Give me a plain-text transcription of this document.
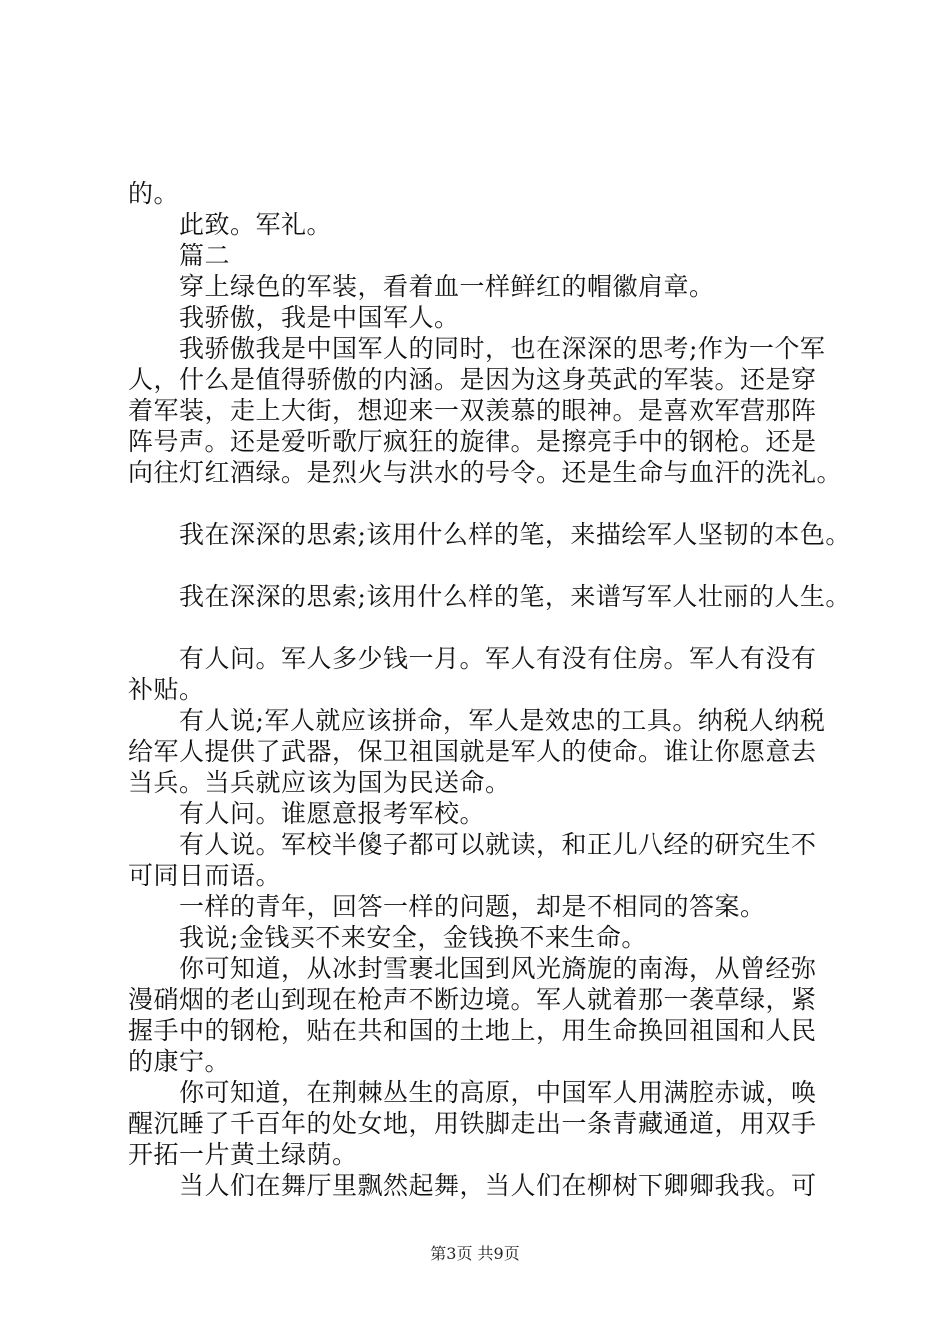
的。
此致。军礼。
篇二
穿上绿色的军装，看着血一样鲜红的帽徽肩章。
我骄傲，我是中国军人。
我骄傲我是中国军人的同时，也在深深的思考;作为一个军
人，什么是值得骄傲的内涵。是因为这身英武的军装。还是穿
着军装，走上大街，想迎来一双羡慕的眼神。是喜欢军营那阵
阵号声。还是爱听歌厅疯狂的旋律。是擦亮手中的钢枪。还是
向往灯红酒绿。是烈火与洪水的号令。还是生命与血汗的洗礼。
我在深深的思索;该用什么样的笔，来描绘军人坚韧的本色。
我在深深的思索;该用什么样的笔，来谱写军人壮丽的人生。
有人问。军人多少钱一月。军人有没有住房。军人有没有
补贴。
有人说;军人就应该拼命，军人是效忠的工具。纳税人纳税
给军人提供了武器，保卫祖国就是军人的使命。谁让你愿意去
当兵。当兵就应该为国为民送命。
有人问。谁愿意报考军校。
有人说。军校半傻子都可以就读，和正儿八经的研究生不
可同日而语。
一样的青年，回答一样的问题，却是不相同的答案。
我说;金钱买不来安全，金钱换不来生命。
你可知道，从冰封雪裹北国到风光旖旎的南海，从曾经弥
漫硝烟的老山到现在枪声不断边境。军人就着那一袭草绿，紧
握手中的钢枪，贴在共和国的土地上，用生命换回祖国和人民
的康宁。
你可知道，在荆棘丛生的高原，中国军人用满腔赤诚，唤
醒沉睡了千百年的处女地，用铁脚走出一条青藏通道，用双手
开拓一片黄土绿荫。
当人们在舞厅里飘然起舞，当人们在柳树下卿卿我我。可
第3页 共9页
